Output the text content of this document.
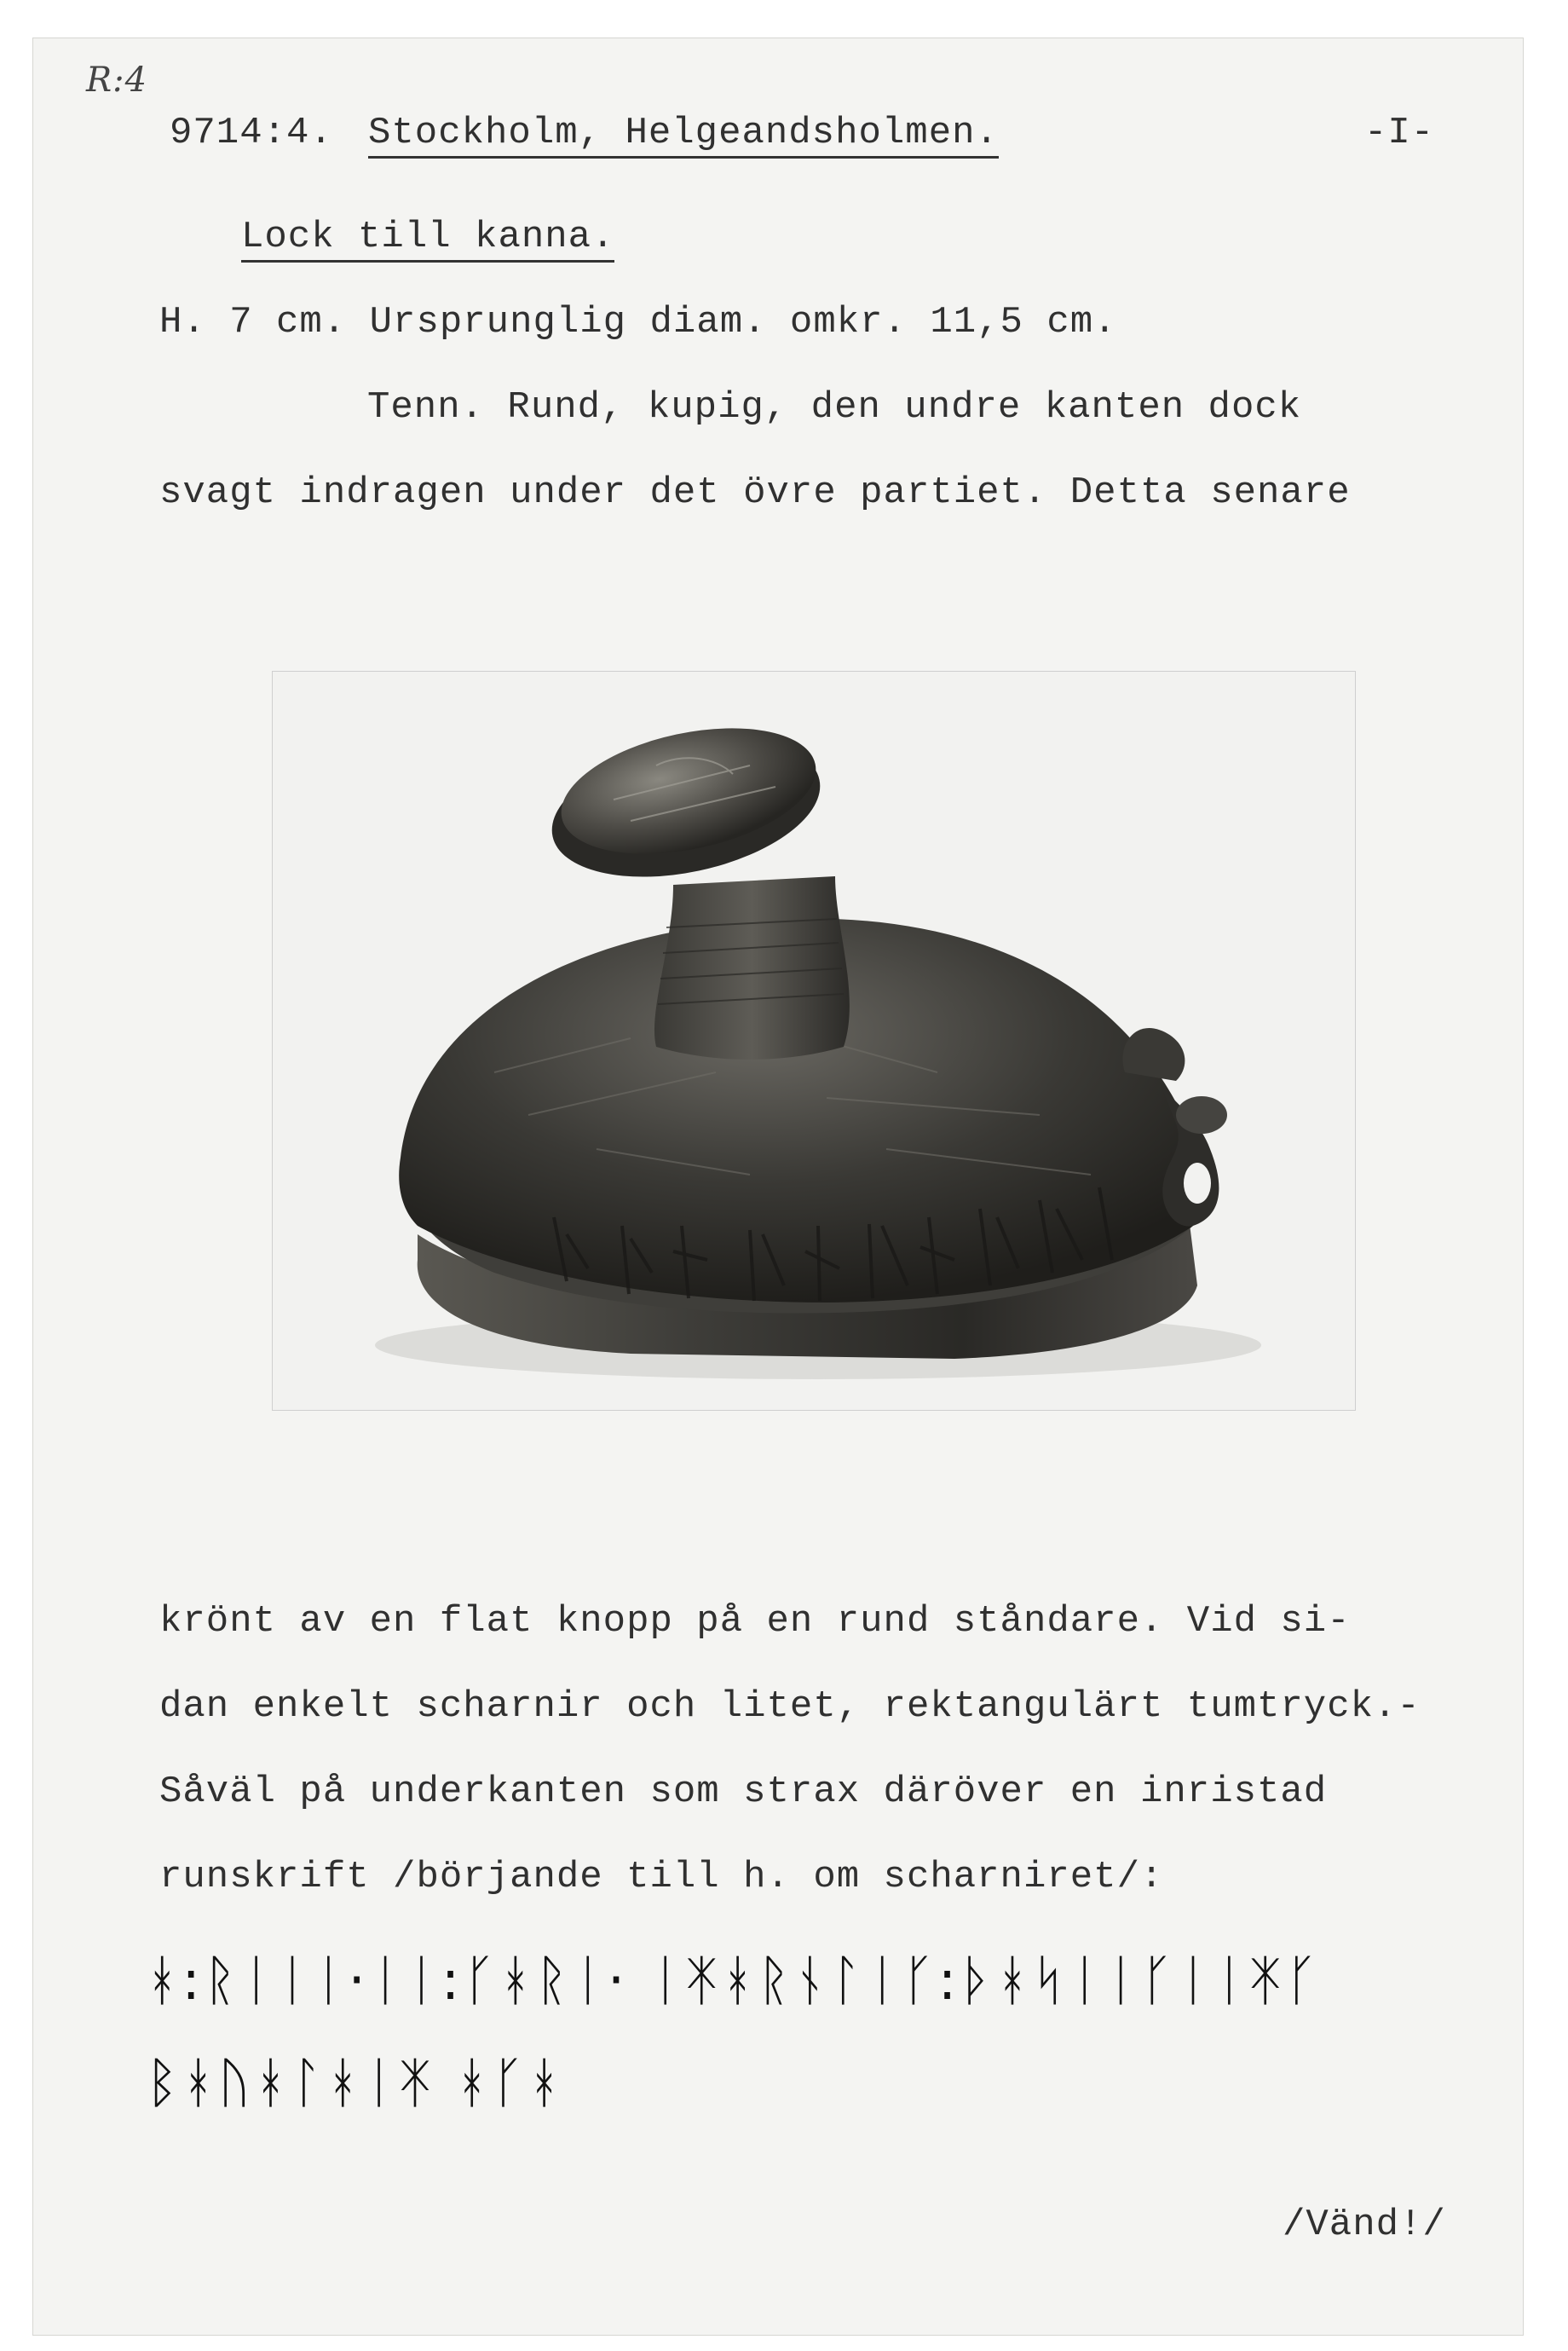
R:4
9714:4. Stockholm, Helgeandsholmen.	-I-
Lock till kanna.
H. 7 cm. Ursprunglig diam. omkr. 11,5 cm.
Tenn. Rund, kupig, den undre kanten dock
svagt indragen under det övre partiet. Detta senare
krönt av en flat knopp på en rund ståndare. Vid si-
dan enkelt scharnir och litet, rektangulärt tumtryck.-
Såväl på underkanten som strax däröver en inristad
runskrift /börjande till h. om scharniret/:
ᚼ:ᚱᛁᛁᛁ·ᛁᛁ:ᚴᚼᚱᛁ· ᛁᛡᚼᚱᚾᛚᛁᚴ:ᚦᚼᛋᛁᛁᚴᛁᛁᛡᚴ
ᛒᚼᚢᚼᛚᚼᛁᛡ ᚼᚴᚼ
/Vänd!/
